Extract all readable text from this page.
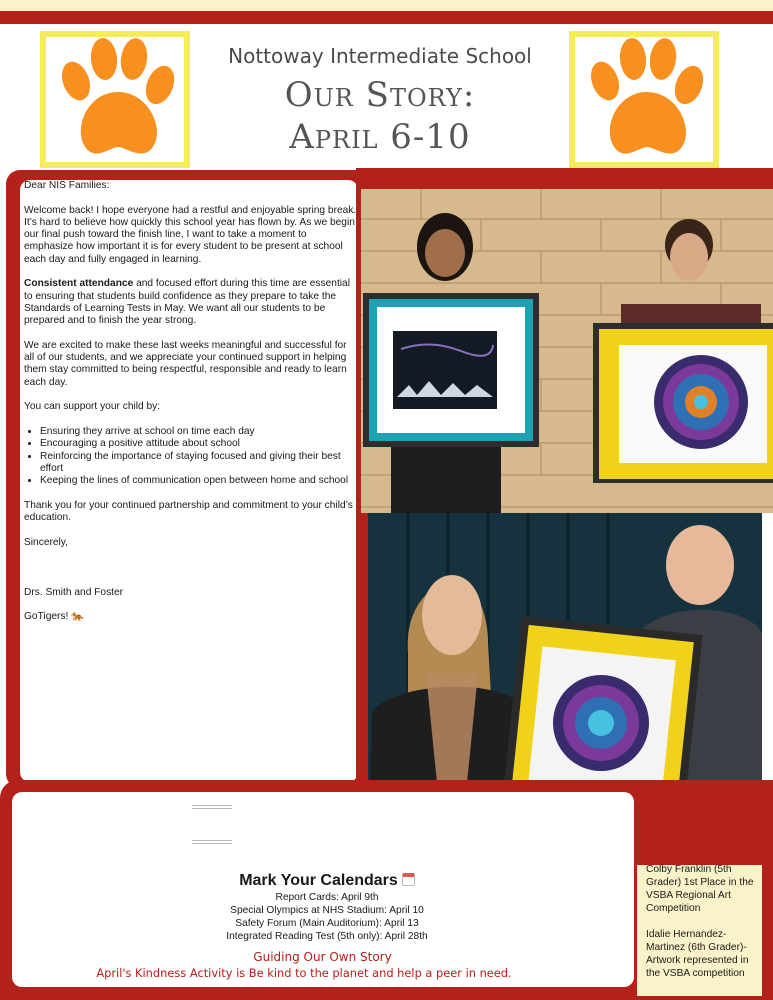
Nottoway Intermediate School
Our Story:
April 6-10

Dear NIS Families:

Welcome back! I hope everyone had a restful and enjoyable spring break. It’s hard to believe how quickly this school year has flown by. As we begin our final push toward the finish line, I want to take a moment to emphasize how important it is for every student to be present at school each day and fully engaged in learning.

Consistent attendance and focused effort during this time are essential to ensuring that students build confidence as they prepare to take the Standards of Learning Tests in May. We want all our students to be prepared and to finish the year strong.

We are excited to make these last weeks meaningful and successful for all of our students, and we appreciate your continued support in helping them stay committed to being respectful, responsible and ready to learn each day.

You can support your child by:

• Ensuring they arrive at school on time each day
• Encouraging a positive attitude about school
• Reinforcing the importance of staying focused and giving their best effort
• Keeping the lines of communication open between home and school

Thank you for your continued partnership and commitment to your child’s education.

Sincerely,

Drs. Smith and Foster

GoTigers! 🐅

Mark Your Calendars
Report Cards: April 9th
Special Olympics at NHS Stadium: April 10
Safety Forum (Main Auditorium): April 13
Integrated Reading Test (5th only): April 28th
Guiding Our Own Story
April's Kindness Activity is Be kind to the planet and help a peer in need.

Colby Franklin (5th Grader) 1st Place in the VSBA Regional Art Competition

Idalie Hernandez-Martinez (6th Grader)- Artwork represented in the VSBA competition
